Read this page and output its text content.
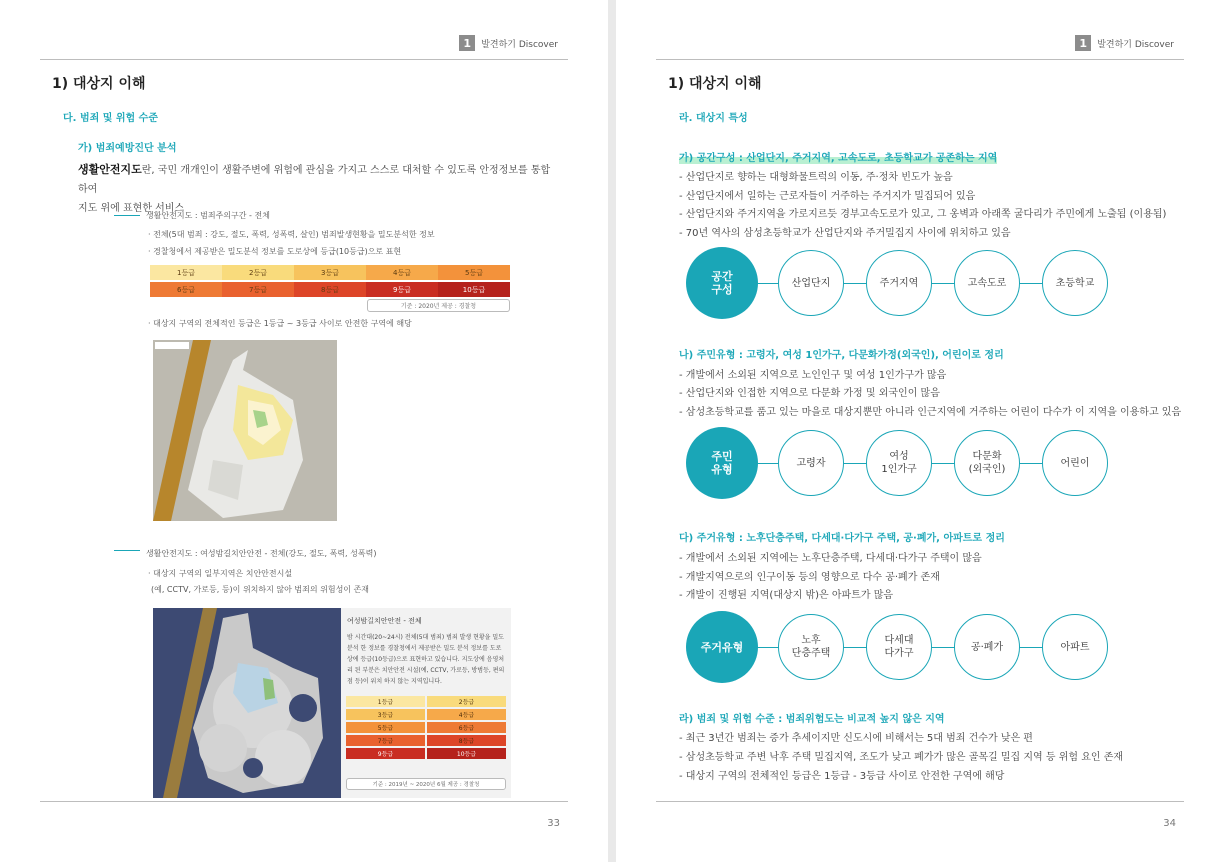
1	발견하기 Discover
1) 대상지 이해
다. 범죄 및 위험 수준
가) 범죄예방진단 분석
생활안전지도란, 국민 개개인이 생활주변에 위험에 관심을 가지고 스스로 대처할 수 있도록 안정정보를 통합하여
지도 위에 표현한 서비스
생활안전지도 : 범죄주의구간 - 전체
· 전체(5대 범죄 : 강도, 절도, 폭력, 성폭력, 살인) 범죄발생현황을 밀도분석한 정보
· 경찰청에서 제공받은 밀도분석 정보를 도로상에 등급(10등급)으로 표현
1등급	2등급	3등급	4등급	5등급
6등급	7등급	8등급	9등급	10등급
기준 : 2020년 제공 : 경찰청
· 대상지 구역의 전체적인 등급은 1등급 ~ 3등급 사이로 안전한 구역에 해당
생활안전지도 : 여성밤길치안안전 - 전체(강도, 절도, 폭력, 성폭력)
· 대상지 구역의 일부지역은 치안안전시설
(예, CCTV, 가로등, 등)이 위치하지 않아 범죄의 위험성이 존재
여성밤길치안안전 - 전체
밤 시간대(20~24시) 전체(5대 범죄) 범죄 발생 현황을 밀도분석 한 정보를 경찰청에서 제공받은 밀도 분석 정보를 도로상에 등급(10등급)으로 표현하고 있습니다. 지도상에 음영처리 된 부분은 치안안전 시설(예, CCTV, 가로등, 방범등, 편의점 등)이 위치 하지 않는 지역입니다.
1등급	2등급
3등급	4등급
5등급	6등급
7등급	8등급
9등급	10등급
기준 : 2019년 ~ 2020년 6월 제공 : 경찰청
33
1	발견하기 Discover
1) 대상지 이해
라. 대상지 특성
가) 공간구성 : 산업단지, 주거지역, 고속도로, 초등학교가 공존하는 지역
- 산업단지로 향하는 대형화물트럭의 이동, 주·정차 빈도가 높음
- 산업단지에서 일하는 근로자들이 거주하는 주거지가 밀집되어 있음
- 산업단지와 주거지역을 가로지르듯 경부고속도로가 있고, 그 옹벽과 아래쪽 굴다리가 주민에게 노출됨 (이용됨)
- 70년 역사의 삼성초등학교가 산업단지와 주거밀집지 사이에 위치하고 있음
공간
구성	산업단지	주거지역	고속도로	초등학교
나) 주민유형 : 고령자, 여성 1인가구, 다문화가정(외국인), 어린이로 정리
- 개발에서 소외된 지역으로 노인인구 및 여성 1인가구가 많음
- 산업단지와 인접한 지역으로 다문화 가정 및 외국인이 많음
- 삼성초등학교를 품고 있는 마을로 대상지뿐만 아니라 인근지역에 거주하는 어린이 다수가 이 지역을 이용하고 있음
주민
유형	고령자
여성
1인가구
다문화
(외국인)
어린이
다) 주거유형 : 노후단층주택, 다세대·다가구 주택, 공·폐가, 아파트로 정리
- 개발에서 소외된 지역에는 노후단층주택, 다세대·다가구 주택이 많음
- 개발지역으로의 인구이동 등의 영향으로 다수 공·폐가 존재
- 개발이 진행된 지역(대상지 밖)은 아파트가 많음
주거유형	노후
단층주택
다세대
다가구
공·폐가	아파트
라) 범죄 및 위험 수준 : 범죄위험도는 비교적 높지 않은 지역
- 최근 3년간 범죄는 증가 추세이지만 신도시에 비해서는 5대 범죄 건수가 낮은 편
- 삼성초등학교 주변 낙후 주택 밀집지역, 조도가 낮고 폐가가 많은 골목길 밀집 지역 등 위험 요인 존재
- 대상지 구역의 전체적인 등급은 1등급 - 3등급 사이로 안전한 구역에 해당
34
